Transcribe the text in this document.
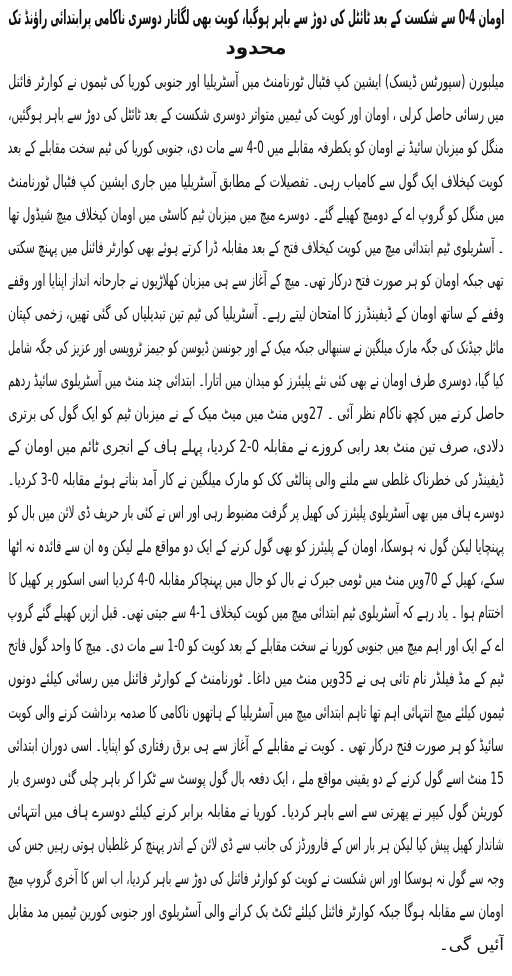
اومان 4-0 سے شکست کے بعد ٹائٹل کی دوڑ سے باہر ہوگیا، کویت بھی لگاتار دوسری ناکامی پرابتدائی راؤنڈ تک
محدود
میلبورن (سپورٹس ڈیسک) ایشین کپ فٹبال ٹورنامنٹ میں آسٹریلیا اور جنوبی کوریا کی ٹیموں نے کوارٹر فائنل
میں رسائی حاصل کرلی ، اومان اور کویت کی ٹیمیں متواتر دوسری شکست کے بعد ٹائٹل کی دوڑ سے باہر ہوگئیں،
منگل کو میزبان سائیڈ نے اومان کو یکطرفہ مقابلے میں 0-4 سے مات دی، جنوبی کوریا کی ٹیم سخت مقابلے کے بعد
کویت کیخلاف ایک گول سے کامیاب رہی۔ تفصیلات کے مطابق آسٹریلیا میں جاری ایشین کپ فٹبال ٹورنامنٹ
میں منگل کو گروپ اے کے دومیچ کھیلے گئے۔ دوسرے میچ میں میزبان ٹیم کاسٹی میں اومان کیخلاف میچ شیڈول تھا
۔ آسٹریلوی ٹیم ابتدائی میچ میں کویت کیخلاف فتح کے بعد مقابلہ ڈرا کرتے ہوئے بھی کوارٹر فائنل میں پہنچ سکتی
تھی جبکہ اومان کو ہر صورت فتح درکار تھی۔ میچ کے آغاز سے ہی میزبان کھلاڑیوں نے جارحانہ انداز اپنایا اور وقفے
وقفے کے ساتھ اومان کے ڈیفینڈرز کا امتحان لیتے رہے۔ آسٹریلیا کی ٹیم تین تبدیلیاں کی گئی تھیں، زخمی کپتان
مائل جیڈنک کی جگہ مارک میلگین نے سنبھالی جبکہ میک کے اور جونسن ڈیوسن کو جیمز ٹرویسی اور عزیز کی جگہ شامل
کیا گیا، دوسری طرف اومان نے بھی کئی نئے پلیئرز کو میدان میں اتارا۔ ابتدائی چند منٹ میں آسٹریلوی سائیڈ ردھم
حاصل کرنے میں کچھ ناکام نظر آئی ۔ 27ویں منٹ میں میٹ میک کے نے میزبان ٹیم کو ایک گول کی برتری
دلادی، صرف تین منٹ بعد رابی کروزے نے مقابلہ 0-2 کردیا، پہلے ہاف کے انجری ٹائم میں اومان کے
ڈیفینڈر کی خطرناک غلطی سے ملنے والی پنالٹی کک کو مارک میلگین نے کار آمد بناتے ہوئے مقابلہ 0-3 کردیا۔
دوسرے ہاف میں بھی آسٹریلوی پلیئرز کی کھیل پر گرفت مضبوط رہی اور اس نے کئی بار حریف ڈی لائن میں بال کو
پہنچایا لیکن گول نہ ہوسکا، اومان کے پلیئرز کو بھی گول کرنے کے ایک دو مواقع ملے لیکن وہ ان سے فائدہ نہ اٹھا
سکے، کھیل کے 70ویں منٹ میں ٹومی جیرک نے بال کو جال میں پہنچاکر مقابلہ 0-4 کردیا اسی اسکور پر کھیل کا
اختتام ہوا ۔ یاد رہے کہ آسٹریلوی ٹیم ابتدائی میچ میں کویت کیخلاف 1-4 سے جیتی تھی۔ قبل ازیں کھیلے گئے گروپ
اے کے ایک اور اہم میچ میں جنوبی کوریا نے سخت مقابلے کے بعد کویت کو 0-1 سے مات دی۔ میچ کا واحد گول فاتح
ٹیم کے مڈ فیلڈر نام تائی ہی نے 35ویں منٹ میں داغا۔ ٹورنامنٹ کے کوارٹر فائنل میں رسائی کیلئے دونوں
ٹیموں کیلئے میچ انتہائی اہم تھا تاہم ابتدائی میچ میں آسٹریلیا کے ہاتھوں ناکامی کا صدمہ برداشت کرنے والی کویت
سائیڈ کو ہر صورت فتح درکار تھی ۔ کویت نے مقابلے کے آغاز سے ہی برق رفتاری کو اپنایا۔ اسی دوران ابتدائی
15 منٹ اسے گول کرنے کے دو یقینی مواقع ملے ، ایک دفعہ بال گول پوسٹ سے ٹکرا کر باہر چلی گئی دوسری بار
کوریئن گول کیپر نے پھرتی سے اسے باہر کردیا۔ کوریا نے مقابلہ برابر کرنے کیلئے دوسرے ہاف میں انتہائی
شاندار کھیل پیش کیا لیکن ہر بار اس کے فارورڈز کی جانب سے ڈی لائن کے اندر پہنچ کر غلطیاں ہوتی رہیں جس کی
وجہ سے گول نہ ہوسکا اور اس شکست نے کویت کو کوارٹر فائنل کی دوڑ سے باہر کردیا، اب اس کا آخری گروپ میچ
اومان سے مقابلہ ہوگا جبکہ کوارٹر فائنل کیلئے ٹکٹ بک کرانے والی آسٹریلوی اور جنوبی کورین ٹیمیں مد مقابل
آئیں گی۔
